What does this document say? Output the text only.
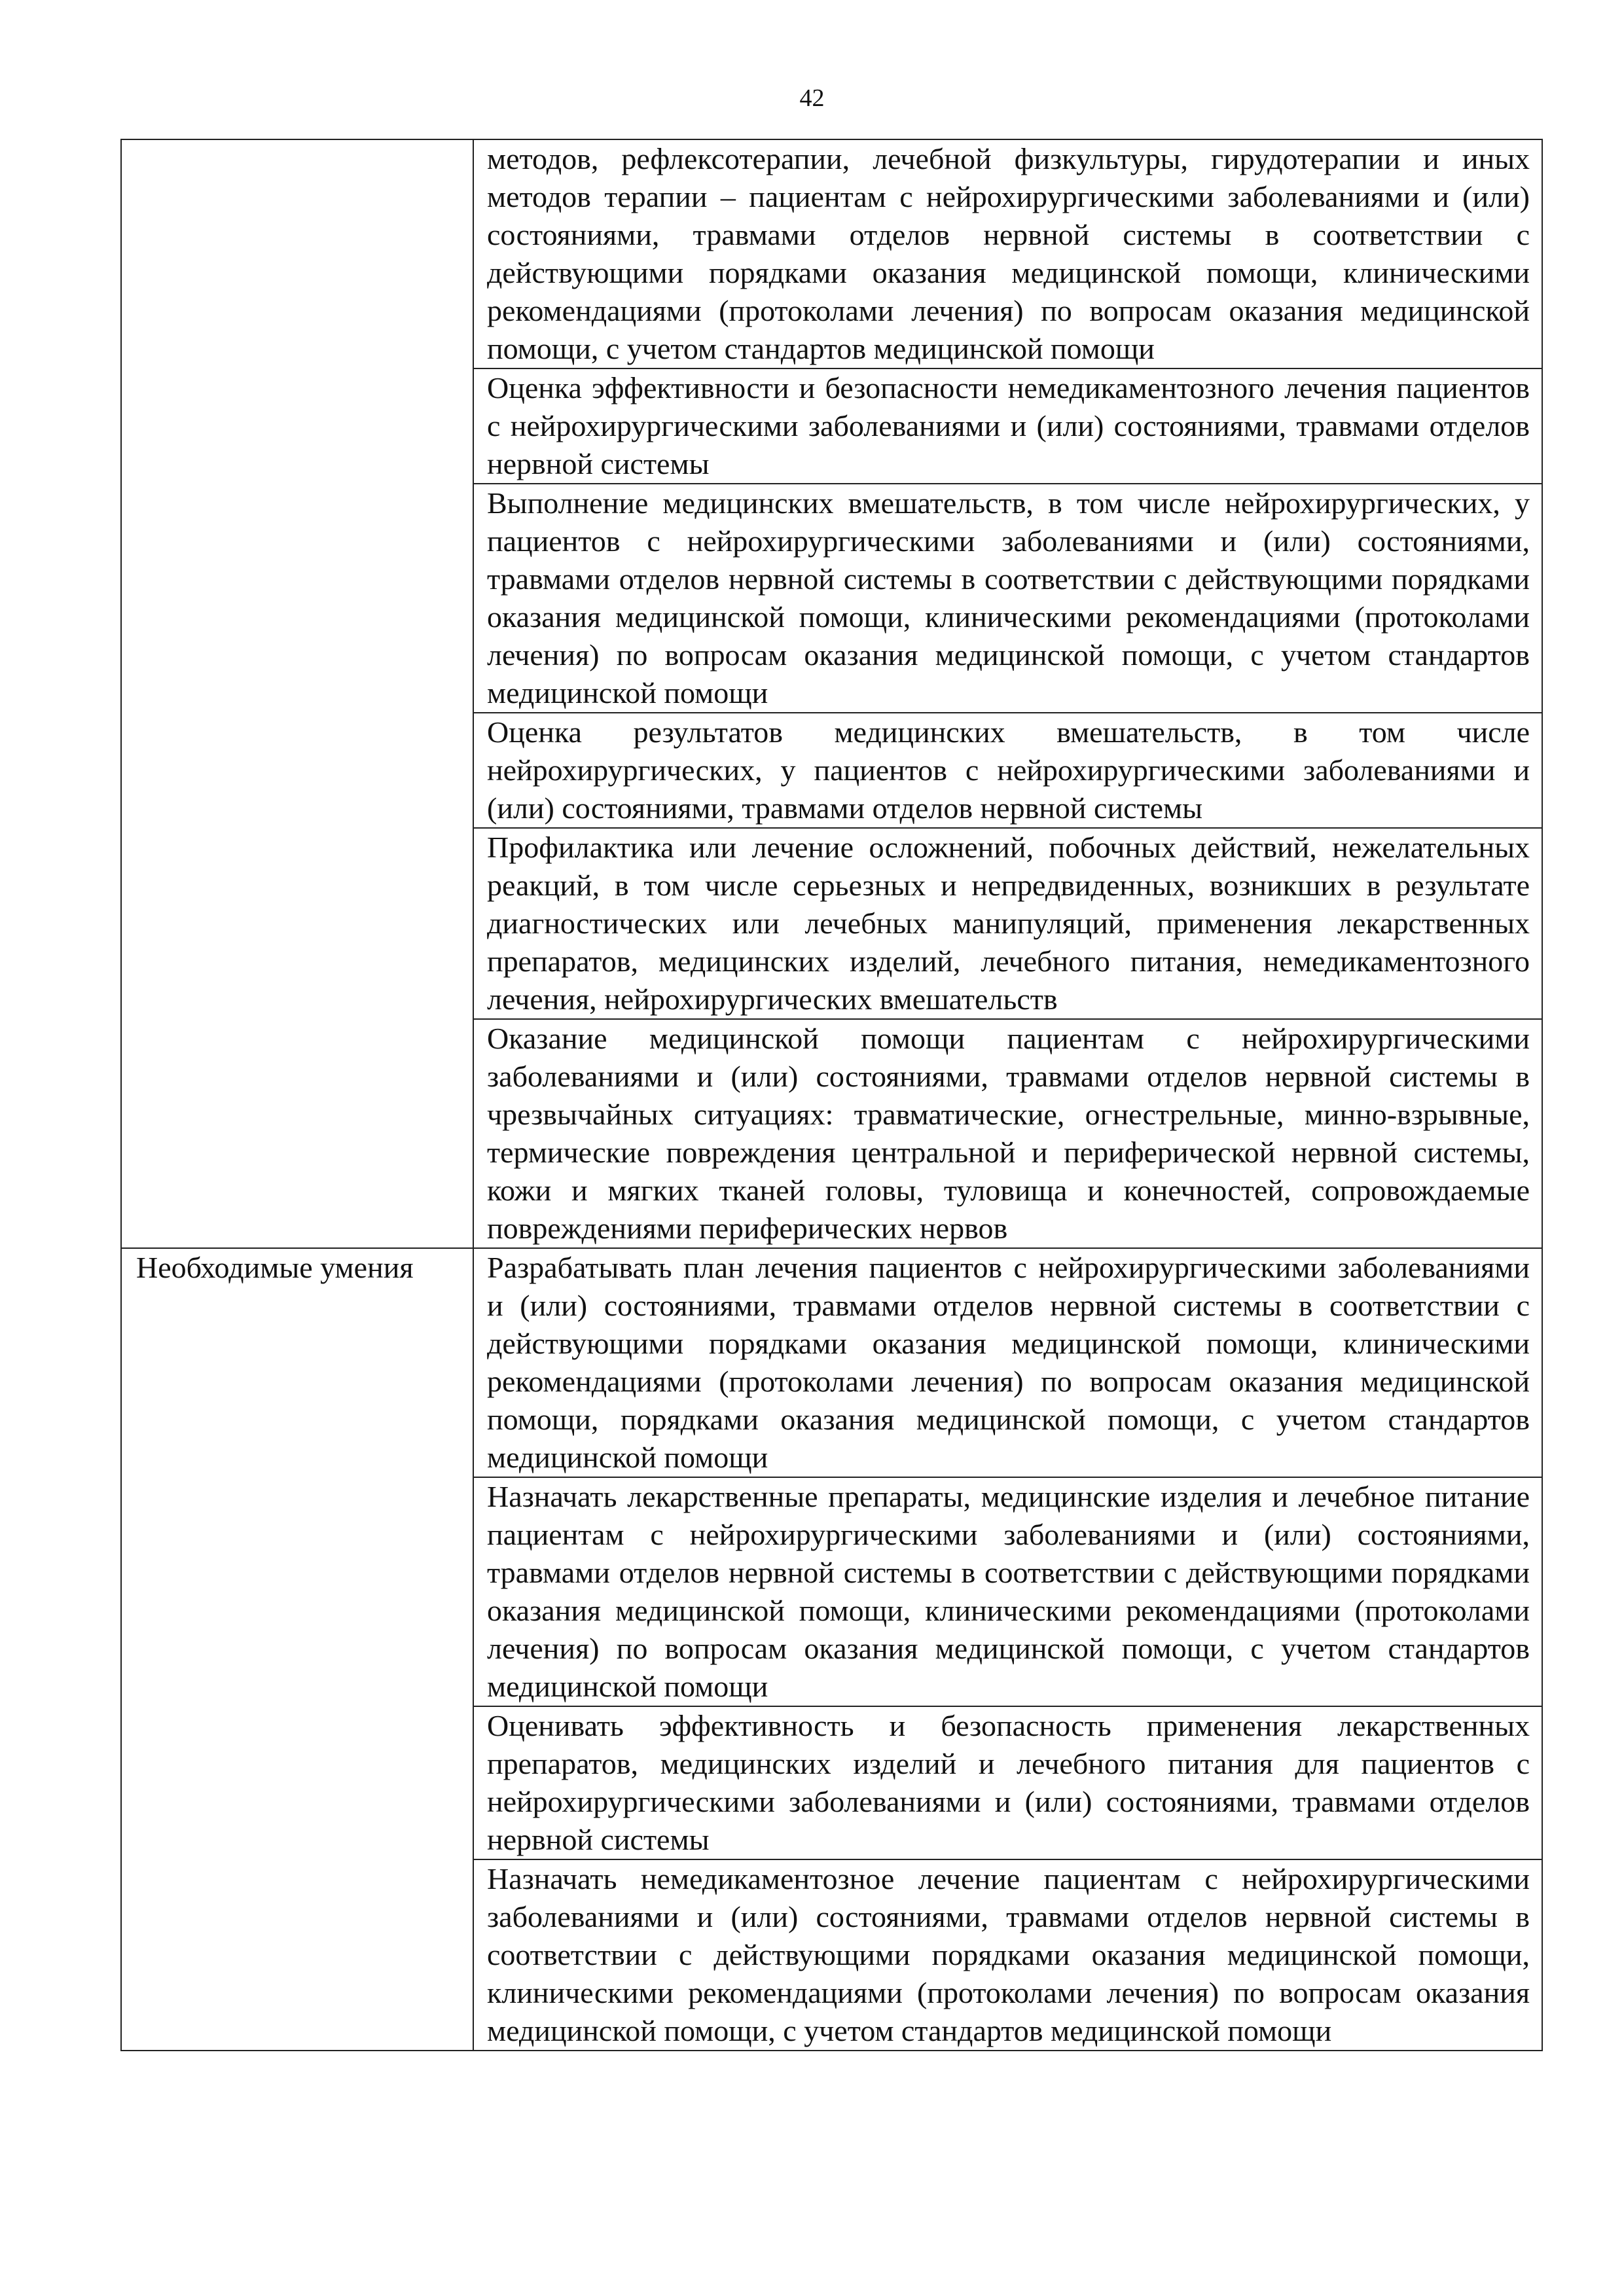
42
	методов, рефлексотерапии, лечебной физкультуры, гирудотерапии и иных методов терапии – пациентам с нейрохирургическими заболеваниями и (или) состояниями, травмами отделов нервной системы в соответствии с действующими порядками оказания медицинской помощи, клиническими рекомендациями (протоколами лечения) по вопросам оказания медицинской помощи, с учетом стандартов медицинской помощи
	Оценка эффективности и безопасности немедикаментозного лечения пациентов с нейрохирургическими заболеваниями и (или) состояниями, травмами отделов нервной системы
	Выполнение медицинских вмешательств, в том числе нейрохирургических, у пациентов с нейрохирургическими заболеваниями и (или) состояниями, травмами отделов нервной системы в соответствии с действующими порядками оказания медицинской помощи, клиническими рекомендациями (протоколами лечения) по вопросам оказания медицинской помощи, с учетом стандартов медицинской помощи
	Оценка результатов медицинских вмешательств, в том числе нейрохирургических, у пациентов с нейрохирургическими заболеваниями и (или) состояниями, травмами отделов нервной системы
	Профилактика или лечение осложнений, побочных действий, нежелательных реакций, в том числе серьезных и непредвиденных, возникших в результате диагностических или лечебных манипуляций, применения лекарственных препаратов, медицинских изделий, лечебного питания, немедикаментозного лечения, нейрохирургических вмешательств
	Оказание медицинской помощи пациентам с нейрохирургическими заболеваниями и (или) состояниями, травмами отделов нервной системы в чрезвычайных ситуациях: травматические, огнестрельные, минно-взрывные, термические повреждения центральной и периферической нервной системы, кожи и мягких тканей головы, туловища и конечностей, сопровождаемые повреждениями периферических нервов
Необходимые умения	Разрабатывать план лечения пациентов с нейрохирургическими заболеваниями и (или) состояниями, травмами отделов нервной системы в соответствии с действующими порядками оказания медицинской помощи, клиническими рекомендациями (протоколами лечения) по вопросам оказания медицинской помощи, порядками оказания медицинской помощи, с учетом стандартов медицинской помощи
	Назначать лекарственные препараты, медицинские изделия и лечебное питание пациентам с нейрохирургическими заболеваниями и (или) состояниями, травмами отделов нервной системы в соответствии с действующими порядками оказания медицинской помощи, клиническими рекомендациями (протоколами лечения) по вопросам оказания медицинской помощи, с учетом стандартов медицинской помощи
	Оценивать эффективность и безопасность применения лекарственных препаратов, медицинских изделий и лечебного питания для пациентов с нейрохирургическими заболеваниями и (или) состояниями, травмами отделов нервной системы
	Назначать немедикаментозное лечение пациентам с нейрохирургическими заболеваниями и (или) состояниями, травмами отделов нервной системы в соответствии с действующими порядками оказания медицинской помощи, клиническими рекомендациями (протоколами лечения) по вопросам оказания медицинской помощи, с учетом стандартов медицинской помощи
